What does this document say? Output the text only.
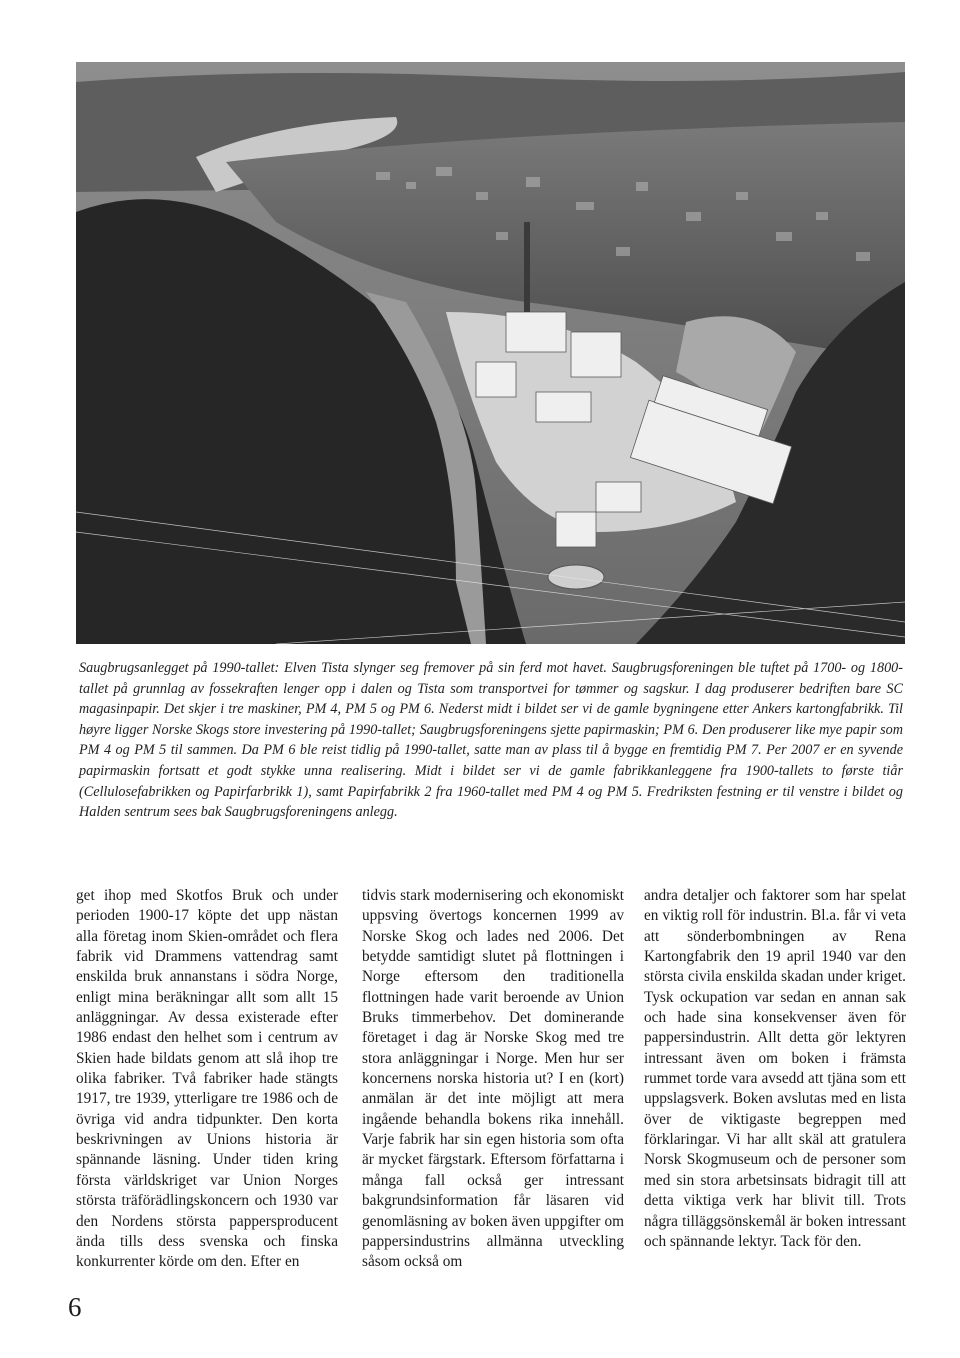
Saugbrugsanlegget på 1990-tallet: Elven Tista slynger seg fremover på sin ferd mot havet. Saugbrugsforeningen ble tuftet på 1700- og 1800-tallet på grunnlag av fossekraften lenger opp i dalen og Tista som transportvei for tømmer og sagskur. I dag produserer bedriften bare SC magasinpapir. Det skjer i tre maskiner, PM 4, PM 5 og PM 6. Nederst midt i bildet ser vi de gamle bygningene etter Ankers kartongfabrikk. Til høyre ligger Norske Skogs store investering på 1990-tallet; Saugbrugsforeningens sjette papirmaskin; PM 6. Den produserer like mye papir som PM 4 og PM 5 til sammen. Da PM 6 ble reist tidlig på 1990-tallet, satte man av plass til å bygge en fremtidig PM 7. Per 2007 er en syvende papirmaskin fortsatt et godt stykke unna realisering. Midt i bildet ser vi de gamle fabrikkanleggene fra 1900-tallets to første tiår (Cellulosefabrikken og Papirfarbrikk 1), samt Papirfabrikk 2 fra 1960-tallet med PM 4 og PM 5. Fredriksten festning er til venstre i bildet og Halden sentrum sees bak Saugbrugsforeningens anlegg.

get ihop med Skotfos Bruk och under perioden 1900-17 köpte det upp nästan alla företag inom Skien-området och flera fabrik vid Drammens vattendrag samt enskilda bruk annanstans i södra Norge, enligt mina beräkningar allt som allt 15 anläggningar. Av dessa existerade efter 1986 endast den helhet som i centrum av Skien hade bildats genom att slå ihop tre olika fabriker. Två fabriker hade stängts 1917, tre 1939, ytterligare tre 1986 och de övriga vid andra tidpunkter. Den korta beskrivningen av Unions historia är spännande läsning. Under tiden kring första världskriget var Union Norges största träförädlingskoncern och 1930 var den Nordens största pappersproducent ända tills dess svenska och finska konkurrenter körde om den. Efter en

tidvis stark modernisering och ekonomiskt uppsving övertogs koncernen 1999 av Norske Skog och lades ned 2006. Det betydde samtidigt slutet på flottningen i Norge eftersom den traditionella flottningen hade varit beroende av Union Bruks timmerbehov. Det dominerande företaget i dag är Norske Skog med tre stora anläggningar i Norge. Men hur ser koncernens norska historia ut? I en (kort) anmälan är det inte möjligt att mera ingående behandla bokens rika innehåll. Varje fabrik har sin egen historia som ofta är mycket färgstark. Eftersom författarna i många fall också ger intressant bakgrundsinformation får läsaren vid genomläsning av boken även uppgifter om pappersindustrins allmänna utveckling såsom också om

andra detaljer och faktorer som har spelat en viktig roll för industrin. Bl.a. får vi veta att sönderbombningen av Rena Kartongfabrik den 19 april 1940 var den största civila enskilda skadan under kriget. Tysk ockupation var sedan en annan sak och hade sina konsekvenser även för pappersindustrin. Allt detta gör lektyren intressant även om boken i främsta rummet torde vara avsedd att tjäna som ett uppslagsverk. Boken avslutas med en lista över de viktigaste begreppen med förklaringar. Vi har allt skäl att gratulera Norsk Skogmuseum och de personer som med sin stora arbetsinsats bidragit till att detta viktiga verk har blivit till. Trots några tilläggsönskemål är boken intressant och spännande lektyr. Tack för den.

6
